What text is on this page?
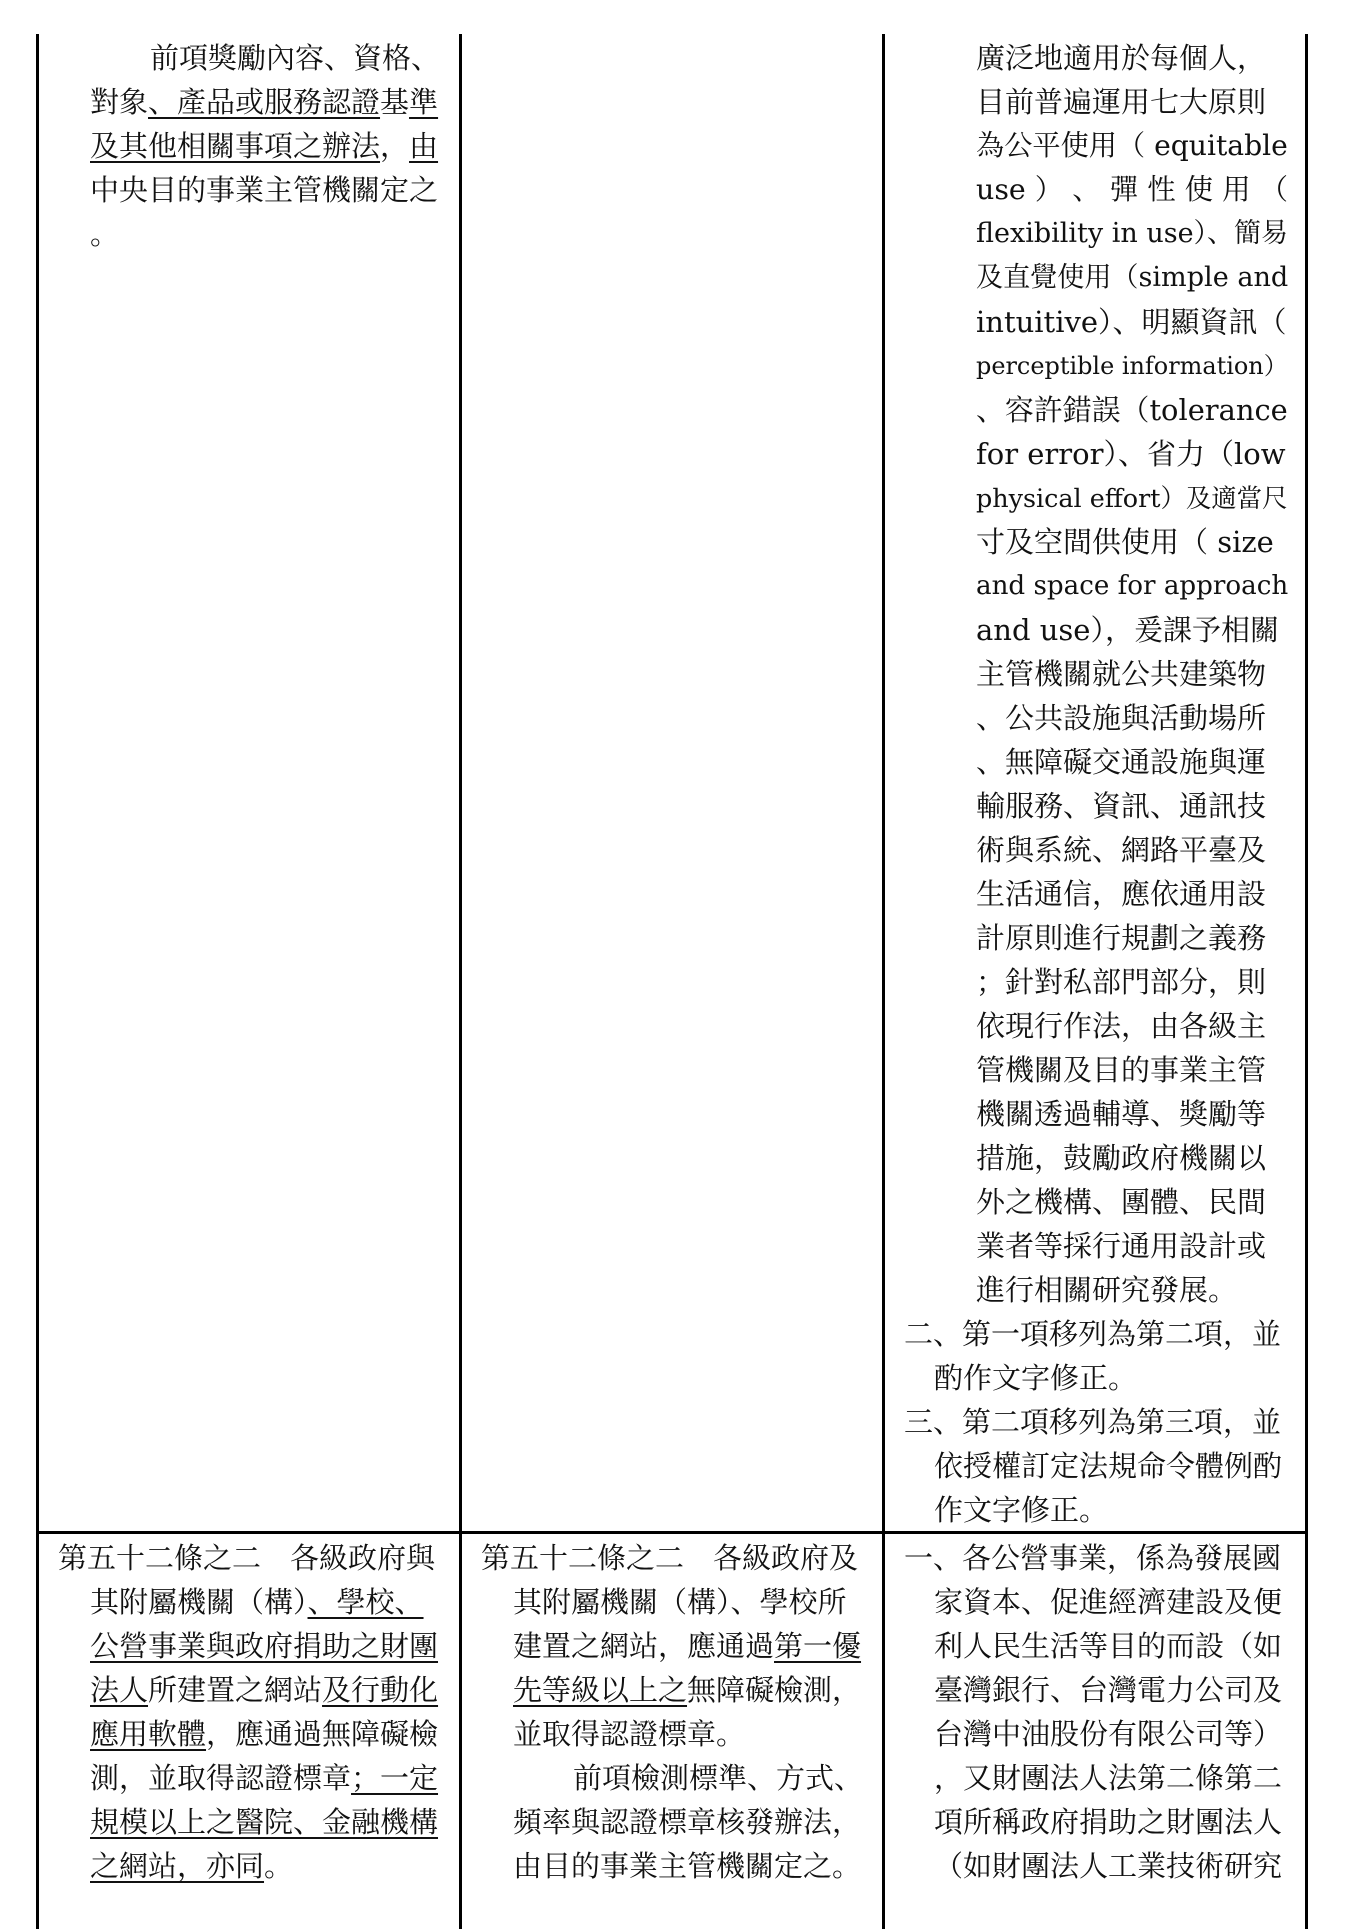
前項獎勵內容、資格、
對象、產品或服務認證基準
及其他相關事項之辦法，由
中央目的事業主管機關定之
。
廣泛地適用於每個人，
目前普遍運用七大原則
為公平使用（ equitable
use ） 、 彈 性 使 用 （
flexibility in use）、簡易
及直覺使用（simple and
intuitive）、明顯資訊（
perceptible information）
、容許錯誤（tolerance
for error）、省力（low
physical effort）及適當尺
寸及空間供使用（ size
and space for approach
and use），爰課予相關
主管機關就公共建築物
、公共設施與活動場所
、無障礙交通設施與運
輸服務、資訊、通訊技
術與系統、網路平臺及
生活通信，應依通用設
計原則進行規劃之義務
；針對私部門部分，則
依現行作法，由各級主
管機關及目的事業主管
機關透過輔導、獎勵等
措施，鼓勵政府機關以
外之機構、團體、民間
業者等採行通用設計或
進行相關研究發展。
二、第一項移列為第二項，並
酌作文字修正。
三、第二項移列為第三項，並
依授權訂定法規命令體例酌
作文字修正。
第五十二條之二　各級政府與
其附屬機關（構）、學校、
公營事業與政府捐助之財團
法人所建置之網站及行動化
應用軟體，應通過無障礙檢
測，並取得認證標章；一定
規模以上之醫院、金融機構
之網站，亦同。
第五十二條之二　各級政府及
其附屬機關（構）、學校所
建置之網站，應通過第一優
先等級以上之無障礙檢測，
並取得認證標章。
前項檢測標準、方式、
頻率與認證標章核發辦法，
由目的事業主管機關定之。
一、各公營事業，係為發展國
家資本、促進經濟建設及便
利人民生活等目的而設（如
臺灣銀行、台灣電力公司及
台灣中油股份有限公司等）
，又財團法人法第二條第二
項所稱政府捐助之財團法人
（如財團法人工業技術研究
